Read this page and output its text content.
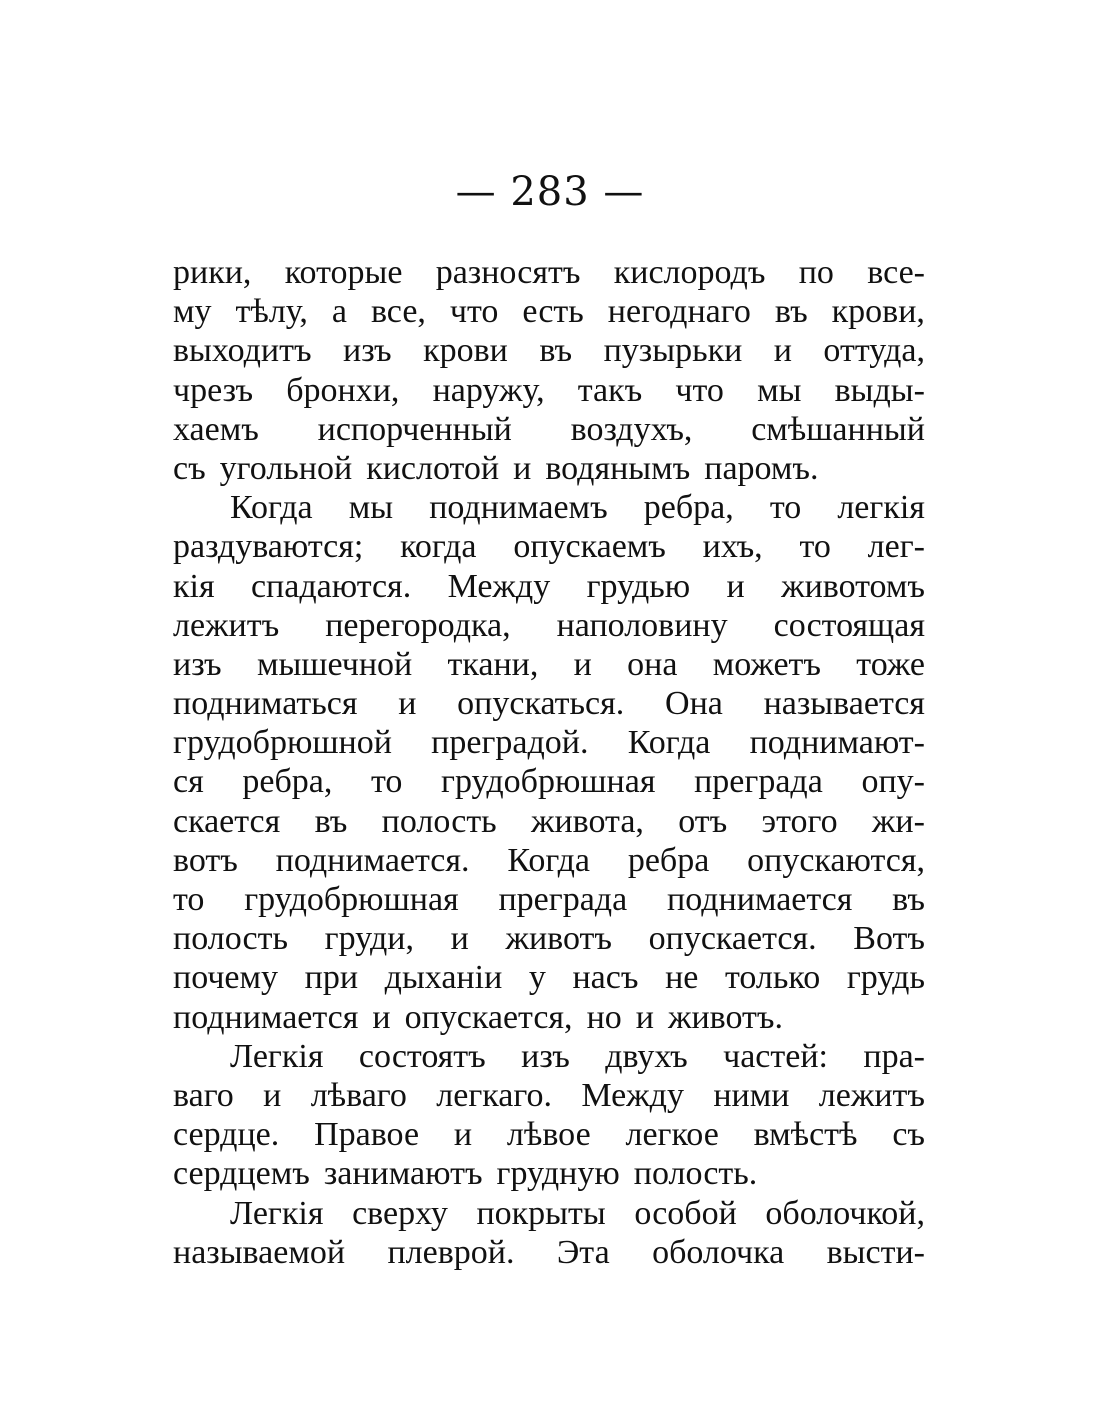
— 283 —
рики, которые разносятъ кислородъ по все-
му тѣлу, а все, что есть негоднаго въ крови,
выходитъ изъ крови въ пузырьки и оттуда,
чрезъ бронхи, наружу, такъ что мы выды-
хаемъ испорченный воздухъ, смѣшанный
съ угольной кислотой и водянымъ паромъ.
Когда мы поднимаемъ ребра, то легкія
раздуваются; когда опускаемъ ихъ, то лег-
кія спадаются. Между грудью и животомъ
лежитъ перегородка, наполовину состоящая
изъ мышечной ткани, и она можетъ тоже
подниматься и опускаться. Она называется
грудобрюшной преградой. Когда поднимают-
ся ребра, то грудобрюшная преграда опу-
скается въ полость живота, отъ этого жи-
вотъ поднимается. Когда ребра опускаются,
то грудобрюшная преграда поднимается въ
полость груди, и животъ опускается. Вотъ
почему при дыханіи у насъ не только грудь
поднимается и опускается, но и животъ.
Легкія состоятъ изъ двухъ частей: пра-
ваго и лѣваго легкаго. Между ними лежитъ
сердце. Правое и лѣвое легкое вмѣстѣ съ
сердцемъ занимаютъ грудную полость.
Легкія сверху покрыты особой оболочкой,
называемой плеврой. Эта оболочка высти-
